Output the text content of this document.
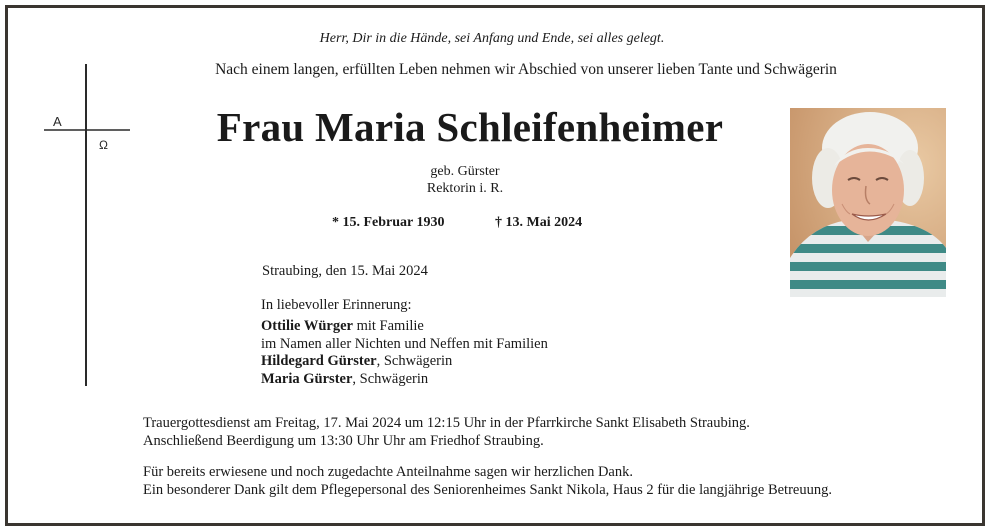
A
Ω
Herr, Dir in die Hände, sei Anfang und Ende, sei alles gelegt.
Nach einem langen, erfüllten Leben nehmen wir Abschied von unserer lieben Tante und Schwägerin
Frau Maria Schleifenheimer
geb. Gürster
Rektorin i. R.
* 15. Februar 1930	† 13. Mai 2024
Straubing, den 15. Mai 2024
In liebevoller Erinnerung:
Ottilie Würger mit Familie
im Namen aller Nichten und Neffen mit Familien
Hildegard Gürster, Schwägerin
Maria Gürster, Schwägerin
Trauergottesdienst am Freitag, 17. Mai 2024 um 12:15 Uhr in der Pfarrkirche Sankt Elisabeth Straubing.
Anschließend Beerdigung um 13:30 Uhr Uhr am Friedhof Straubing.
Für bereits erwiesene und noch zugedachte Anteilnahme sagen wir herzlichen Dank.
Ein besonderer Dank gilt dem Pflegepersonal des Seniorenheimes Sankt Nikola, Haus 2 für die langjährige Betreuung.
